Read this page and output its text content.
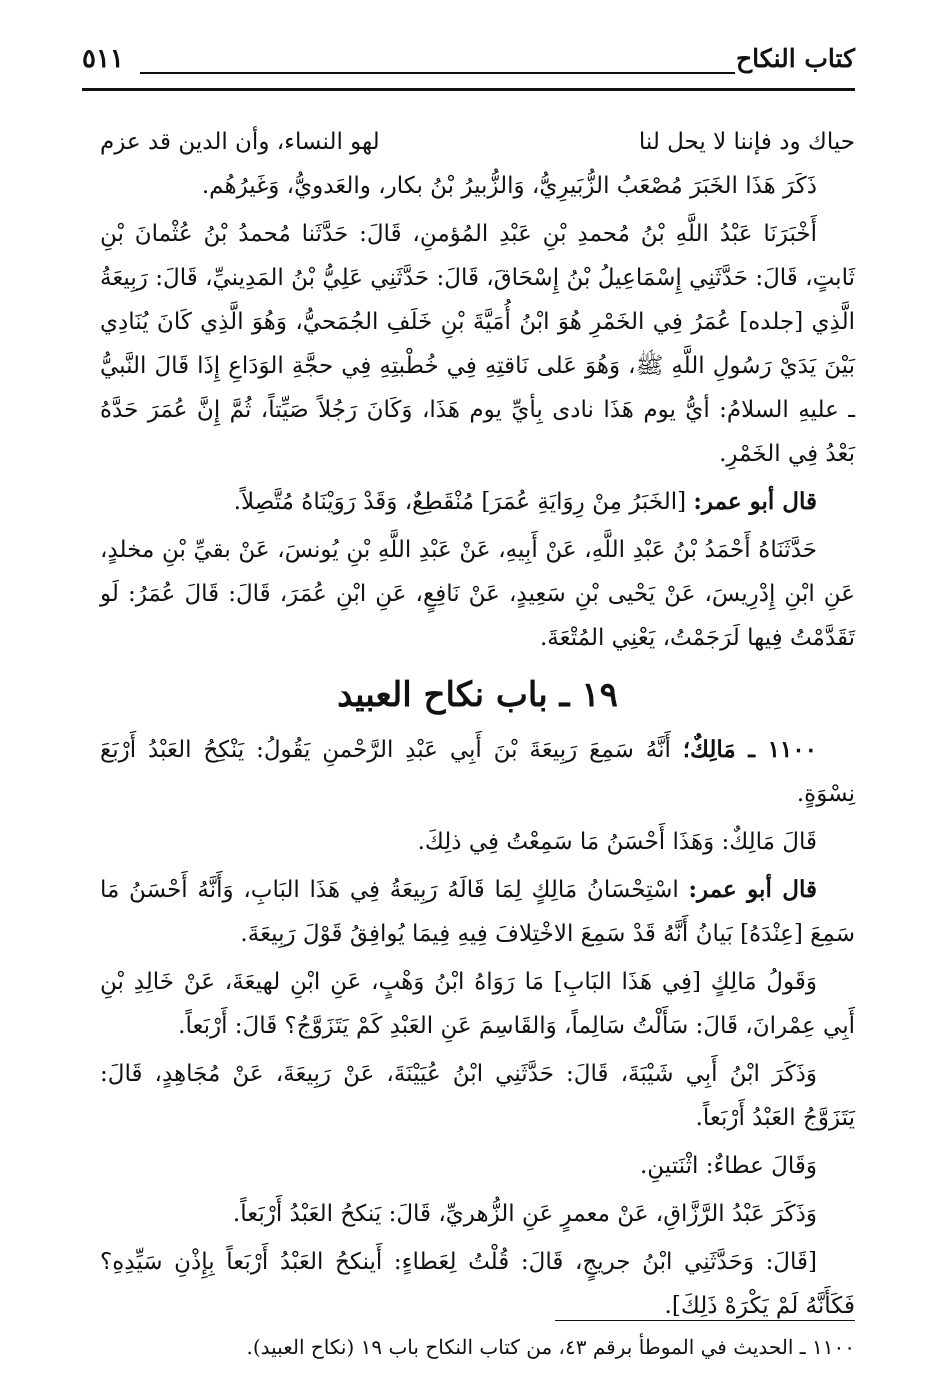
٥١١	كتاب النكاح
حياك ود فإننا لا يحل لنا
لهو النساء، وأن الدين قد عزم

ذَكَرَ هَذَا الخَبَرَ مُصْعَبُ الزُّبَيرِيُّ، وَالزُّبيرُ بْنُ بكار، والعَدويُّ، وَغَيرُهُم.

أَخْبَرَنَا عَبْدُ اللَّهِ بْنُ مُحمدِ بْنِ عَبْدِ المُؤمنِ، قَالَ: حَدَّثَنا مُحمدُ بْنُ عُثْمانَ بْنِ ثَابتٍ، قَالَ: حَدَّثَنِي إِسْمَاعِيلُ بْنُ إِسْحَاقَ، قَالَ: حَدَّثَنِي عَلِيُّ بْنُ المَدِينيِّ، قَالَ: رَبِيعَةُ الَّذِي [جلده] عُمَرُ فِي الخَمْرِ هُوَ ابْنُ أُمَيَّةَ بْنِ خَلَفِ الجُمَحيُّ، وَهُوَ الَّذِي كَانَ يُنَادِي بَيْنَ يَدَيْ رَسُولِ اللَّهِ ﷺ، وَهُوَ عَلى نَاقتِهِ فِي خُطْبتِهِ فِي حجَّةِ الوَدَاعِ إِذَا قَالَ النَّبيُّ ـ عليهِ السلامُ: أيُّ يوم هَذَا نادى بِأيِّ يوم هَذَا، وَكَانَ رَجُلاً صَيِّتاً، ثُمَّ إِنَّ عُمَرَ حَدَّهُ بَعْدُ فِي الخَمْرِ.

قال أبو عمر: [الخَبَرُ مِنْ رِوَايَةِ عُمَرَ] مُنْقَطِعٌ، وَقَدْ رَوَيْنَاهُ مُتَّصِلاً.

حَدَّثَنَاهُ أَحْمَدُ بْنُ عَبْدِ اللَّهِ، عَنْ أَبِيهِ، عَنْ عَبْدِ اللَّهِ بْنِ يُونسَ، عَنْ بقيِّ بْنِ مخلدٍ، عَنِ ابْنِ إِدْرِيسَ، عَنْ يَحْيى بْنِ سَعِيدٍ، عَنْ نَافِعٍ، عَنِ ابْنِ عُمَرَ، قَالَ: قَالَ عُمَرُ: لَو تَقَدَّمْتُ فِيها لَرَجَمْتُ، يَعْنِي المُتْعَةَ.

١٩ ـ باب نكاح العبيد

١١٠٠ ـ مَالِكٌ؛ أَنَّهُ سَمِعَ رَبِيعَةَ بْنَ أَبِي عَبْدِ الرَّحْمنِ يَقُولُ: يَنْكِحُ العَبْدُ أَرْبَعَ نِسْوَةٍ.

قَالَ مَالِكٌ: وَهَذَا أَحْسَنُ مَا سَمِعْتُ فِي ذلِكَ.

قال أبو عمر: اسْتِحْسَانُ مَالِكٍ لِمَا قَالَهُ رَبِيعَةُ فِي هَذَا البَابِ، وَأَنَّهُ أَحْسَنُ مَا سَمِعَ [عِنْدَهُ] بَيانُ أَنَّهُ قَدْ سَمِعَ الاخْتِلافَ فِيهِ فِيمَا يُوافِقُ قَوْلَ رَبِيعَةَ.

وَقَولُ مَالِكٍ [فِي هَذَا البَابِ] مَا رَوَاهُ ابْنُ وَهْبٍ، عَنِ ابْنِ لهيعَةَ، عَنْ خَالِدِ بْنِ أَبِي عِمْرانَ، قَالَ: سَأَلْتُ سَالِماً، وَالقَاسِمَ عَنِ العَبْدِ كَمْ يَتَزَوَّجُ؟ قَالَ: أَرْبَعاً.

وَذَكَرَ ابْنُ أَبِي شَيْبَةَ، قَالَ: حَدَّثَنِي ابْنُ عُيَيْنَةَ، عَنْ رَبِيعَةَ، عَنْ مُجَاهِدٍ، قَالَ: يَتَزَوَّجُ العَبْدُ أَرْبَعاً.

وَقَالَ عطاءٌ: اثْنَتينِ.

وَذَكَرَ عَبْدُ الرَّزَّاقِ، عَنْ معمرٍ عَنِ الزُّهريِّ، قَالَ: يَنكحُ العَبْدُ أَرْبَعاً.

[قَالَ: وَحَدَّثَنِي ابْنُ جريجٍ، قَالَ: قُلْتُ لِعَطاءٍ: أَينكحُ العَبْدُ أَرْبَعاً بِإِذْنِ سَيِّدِهِ؟ فَكَأَنَّهُ لَمْ يَكْرَهْ ذَلِكَ].

١١٠٠ ـ الحديث في الموطأ برقم ٤٣، من كتاب النكاح باب ١٩ (نكاح العبيد).
